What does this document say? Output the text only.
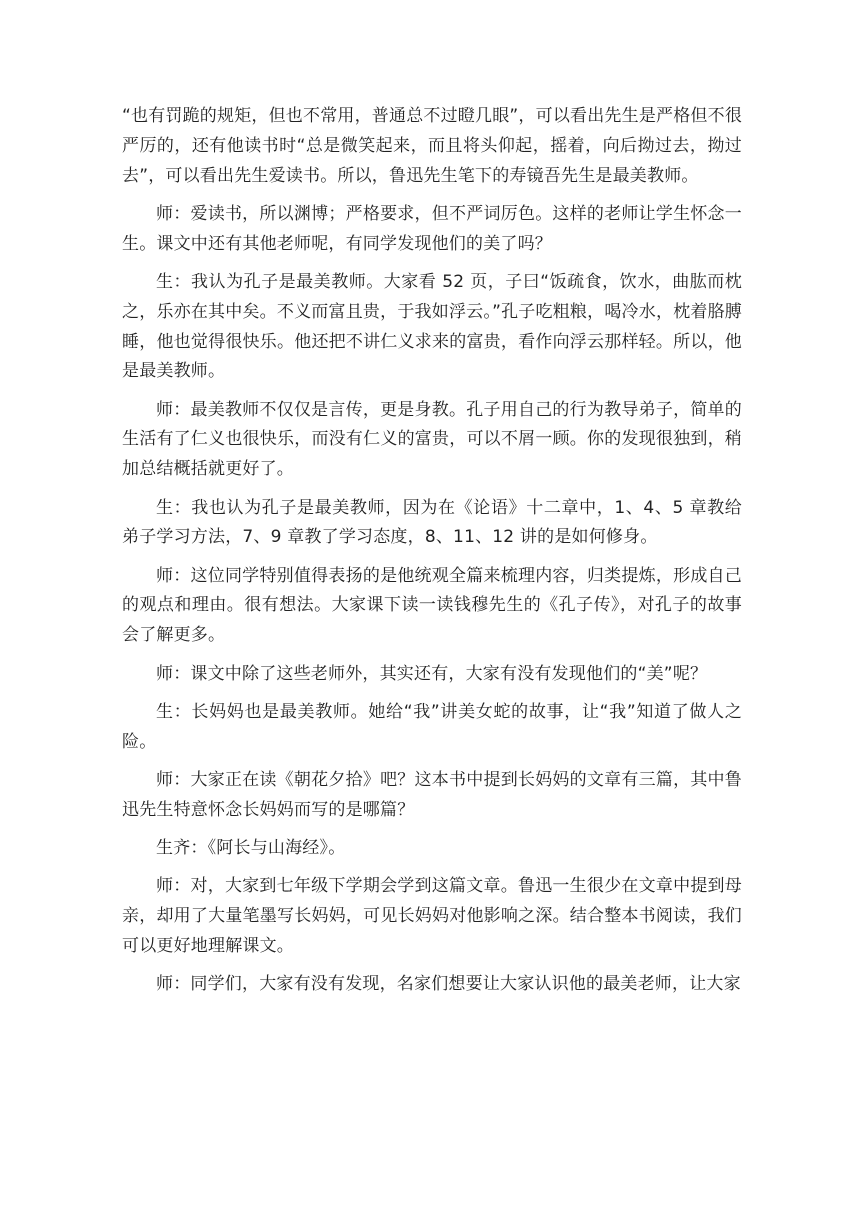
“也有罚跪的规矩，但也不常用，普通总不过瞪几眼”，可以看出先生是严格但不很严厉的，还有他读书时“总是微笑起来，而且将头仰起，摇着，向后拗过去，拗过去”，可以看出先生爱读书。所以，鲁迅先生笔下的寿镜吾先生是最美教师。

师：爱读书，所以渊博；严格要求，但不严词厉色。这样的老师让学生怀念一生。课文中还有其他老师呢，有同学发现他们的美了吗？

生：我认为孔子是最美教师。大家看 52 页，子曰“饭疏食，饮水，曲肱而枕之，乐亦在其中矣。不义而富且贵，于我如浮云。”孔子吃粗粮，喝冷水，枕着胳膊睡，他也觉得很快乐。他还把不讲仁义求来的富贵，看作向浮云那样轻。所以，他是最美教师。

师：最美教师不仅仅是言传，更是身教。孔子用自己的行为教导弟子，简单的生活有了仁义也很快乐，而没有仁义的富贵，可以不屑一顾。你的发现很独到，稍加总结概括就更好了。

生：我也认为孔子是最美教师，因为在《论语》十二章中，1、4、5 章教给弟子学习方法，7、9 章教了学习态度，8、11、12 讲的是如何修身。

师：这位同学特别值得表扬的是他统观全篇来梳理内容，归类提炼，形成自己的观点和理由。很有想法。大家课下读一读钱穆先生的《孔子传》，对孔子的故事会了解更多。

师：课文中除了这些老师外，其实还有，大家有没有发现他们的“美”呢？

生：长妈妈也是最美教师。她给“我”讲美女蛇的故事，让“我”知道了做人之险。

师：大家正在读《朝花夕拾》吧？这本书中提到长妈妈的文章有三篇，其中鲁迅先生特意怀念长妈妈而写的是哪篇？

生齐：《阿长与山海经》。

师：对，大家到七年级下学期会学到这篇文章。鲁迅一生很少在文章中提到母亲，却用了大量笔墨写长妈妈，可见长妈妈对他影响之深。结合整本书阅读，我们可以更好地理解课文。

师：同学们，大家有没有发现，名家们想要让大家认识他的最美老师，让大家
